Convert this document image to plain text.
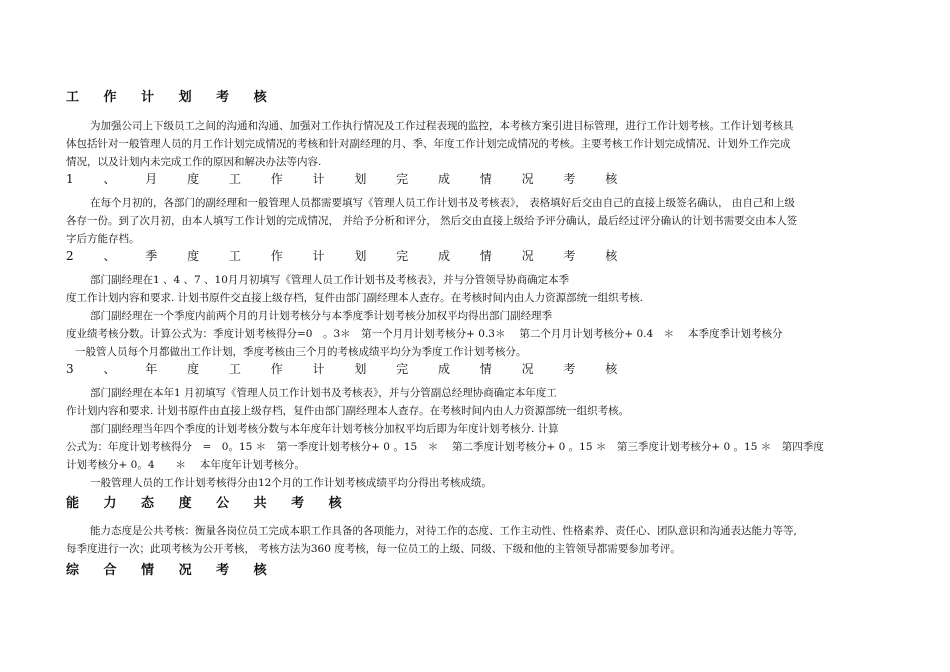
工 作 计 划 考 核
为加强公司上下级员工之间的沟通和沟通、加强对工作执行情况及工作过程表现的监控，本考核方案引进目标管理，进行工作计划考核。工作计划考核具
体包括针对一般管理人员的月工作计划完成情况的考核和针对副经理的月、季、年度工作计划完成情况的考核。主要考核工作计划完成情况、计划外工作完成
情况，以及计划内未完成工作的原因和解决办法等内容.
1 、 月 度 工 作 计 划 完 成 情 况 考 核
在每个月初的，各部门的副经理和一般管理人员都需要填写《管理人员工作计划书及考核表》， 表格填好后交由自己的直接上级签名确认， 由自己和上级
各存一份。到了次月初，由本人填写工作计划的完成情况， 并给予分析和评分， 然后交由直接上级给予评分确认，最后经过评分确认的计划书需要交由本人签
字后方能存档。
2 、 季 度 工 作 计 划 完 成 情 况 考 核
部门副经理在1 、4 、7 、10月月初填写《管理人员工作计划书及考核表》，并与分管领导协商确定本季
度工作计划内容和要求. 计划书原件交直接上级存档，复件由部门副经理本人查存。在考核时间内由人力资源部统一组织考核.
部门副经理在一个季度内前两个月的月计划考核分与本季度季计划考核分加权平均得出部门副经理季
度业绩考核分数。计算公式为：季度计划考核得分=0　。3＊　第一个月月计划考核分+ 0.3＊　 第二个月月计划考核分+ 0.4　＊　 本季度季计划考核分
一般管人员每个月都做出工作计划，季度考核由三个月的考核成绩平均分为季度工作计划考核分。
3 、 年 度 工 作 计 划 完 成 情 况 考 核
部门副经理在本年1 月初填写《管理人员工作计划书及考核表》，并与分管副总经理协商确定本年度工
作计划内容和要求. 计划书原件由直接上级存档，复件由部门副经理本人查存。在考核时间内由人力资源部统一组织考核。
部门副经理当年四个季度的计划考核分数与本年度年计划考核分加权平均后即为年度计划考核分. 计算
公式为：年度计划考核得分　=　0。15 ＊　第一季度计划考核分+ 0 。15　＊　 第二季度计划考核分+ 0 。15 ＊　第三季度计划考核分+ 0 。15 ＊　第四季度
计划考核分+ 0。4　　＊　 本年度年计划考核分。
一般管理人员的工作计划考核得分由12个月的工作计划考核成绩平均分得出考核成绩。
能 力 态 度 公 共 考 核
能力态度是公共考核：衡量各岗位员工完成本职工作具备的各项能力，对待工作的态度、工作主动性、性格素养、责任心、团队意识和沟通表达能力等等,
每季度进行一次；此项考核为公开考核， 考核方法为360 度考核，每一位员工的上级、同级、下级和他的主管领导都需要参加考评。
综 合 情 况 考 核
